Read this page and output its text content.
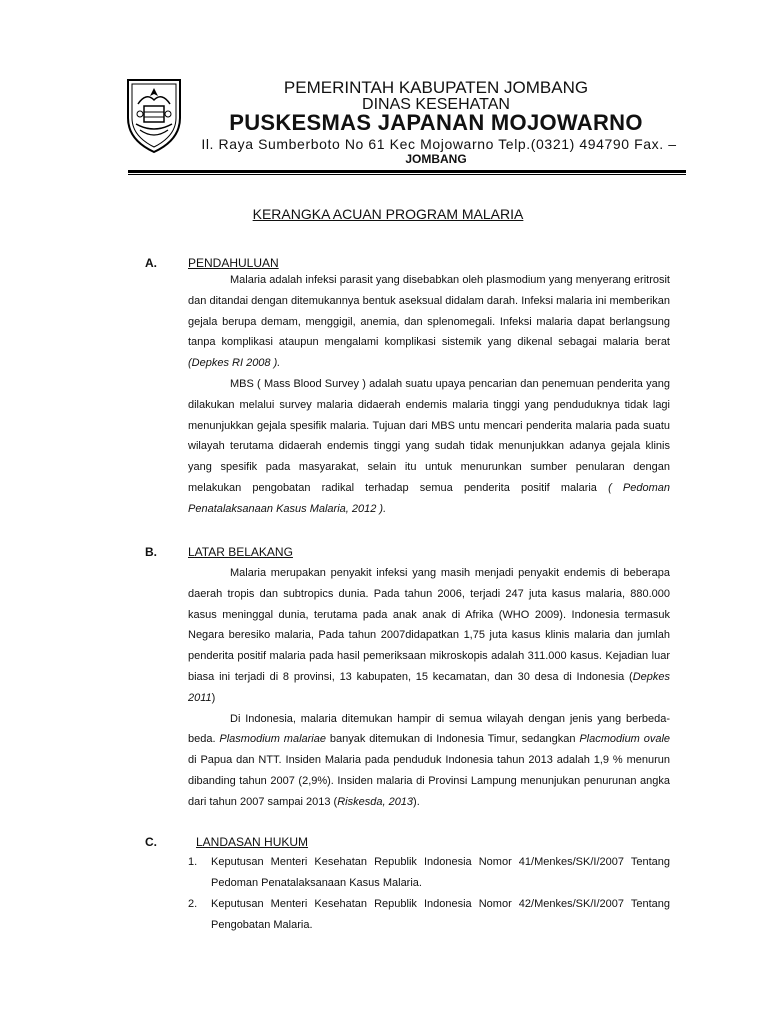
PEMERINTAH KABUPATEN JOMBANG
DINAS KESEHATAN
PUSKESMAS JAPANAN MOJOWARNO
Il. Raya Sumberboto No 61 Kec Mojowarno Telp.(0321) 494790 Fax. –
JOMBANG
KERANGKA ACUAN PROGRAM MALARIA
A.	PENDAHULUAN
Malaria adalah infeksi parasit yang disebabkan oleh plasmodium yang menyerang eritrosit dan ditandai dengan ditemukannya bentuk aseksual didalam darah. Infeksi malaria ini memberikan gejala berupa demam, menggigil, anemia, dan splenomegali. Infeksi malaria dapat berlangsung tanpa komplikasi ataupun mengalami komplikasi sistemik yang dikenal sebagai malaria berat (Depkes RI 2008 ).
MBS ( Mass Blood Survey ) adalah suatu upaya pencarian dan penemuan penderita yang dilakukan melalui survey malaria didaerah endemis malaria tinggi yang penduduknya tidak lagi menunjukkan gejala spesifik malaria. Tujuan dari MBS untu mencari penderita malaria pada suatu wilayah terutama didaerah endemis tinggi yang sudah tidak menunjukkan adanya gejala klinis yang spesifik pada masyarakat, selain itu untuk menurunkan sumber penularan dengan melakukan pengobatan radikal terhadap semua penderita positif malaria ( Pedoman Penatalaksanaan Kasus Malaria, 2012 ).
B.	LATAR BELAKANG
Malaria merupakan penyakit infeksi yang masih menjadi penyakit endemis di beberapa daerah tropis dan subtropics dunia. Pada tahun 2006, terjadi 247 juta kasus malaria, 880.000 kasus meninggal dunia, terutama pada anak anak di Afrika (WHO 2009). Indonesia termasuk Negara beresiko malaria, Pada tahun 2007didapatkan 1,75 juta kasus klinis malaria dan jumlah penderita positif malaria pada hasil pemeriksaan mikroskopis adalah 311.000 kasus. Kejadian luar biasa ini terjadi di 8 provinsi, 13 kabupaten, 15 kecamatan, dan 30 desa di Indonesia (Depkes 2011)
Di Indonesia, malaria ditemukan hampir di semua wilayah dengan jenis yang berbeda-beda. Plasmodium malariae banyak ditemukan di Indonesia Timur, sedangkan Placmodium ovale di Papua dan NTT. Insiden Malaria pada penduduk Indonesia tahun 2013 adalah 1,9 % menurun dibanding tahun 2007 (2,9%). Insiden malaria di Provinsi Lampung menunjukan penurunan angka dari tahun 2007 sampai 2013 (Riskesda, 2013).
C.	LANDASAN HUKUM
1.	Keputusan Menteri Kesehatan Republik Indonesia Nomor 41/Menkes/SK/I/2007 Tentang Pedoman Penatalaksanaan Kasus Malaria.
2.	Keputusan Menteri Kesehatan Republik Indonesia Nomor 42/Menkes/SK/I/2007 Tentang Pengobatan Malaria.
